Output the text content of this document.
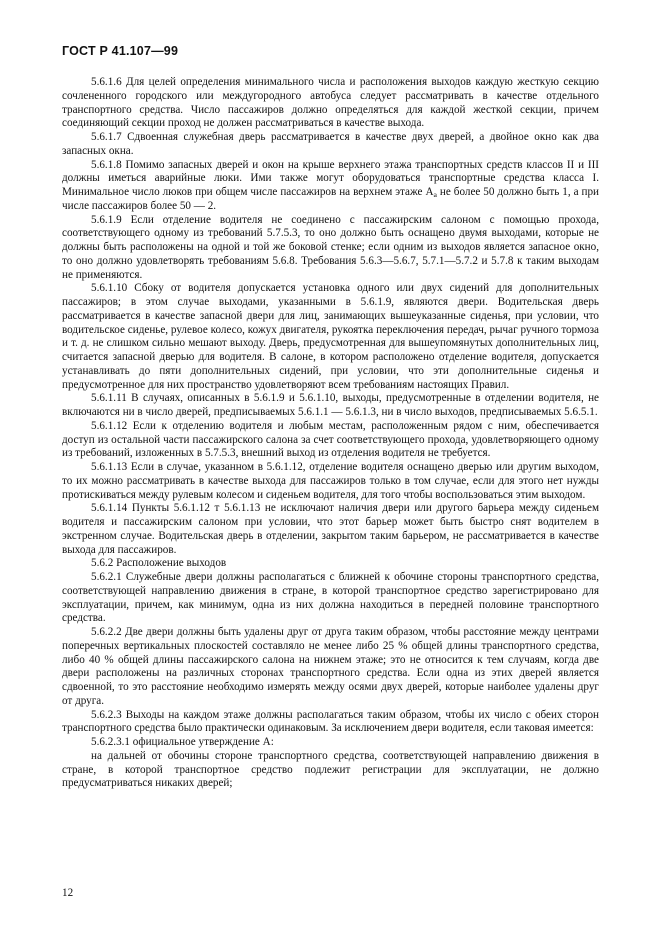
ГОСТ Р 41.107—99

5.6.1.6 Для целей определения минимального числа и расположения выходов каждую жесткую секцию сочлененного городского или междугородного автобуса следует рассматривать в качестве отдельного транспортного средства. Число пассажиров должно определяться для каждой жесткой секции, причем соединяющий секции проход не должен рассматриваться в качестве выхода.

5.6.1.7 Сдвоенная служебная дверь рассматривается в качестве двух дверей, а двойное окно как два запасных окна.

5.6.1.8 Помимо запасных дверей и окон на крыше верхнего этажа транспортных средств классов II и III должны иметься аварийные люки. Ими также могут оборудоваться транспортные средства класса I. Минимальное число люков при общем числе пассажиров на верхнем этаже $A_a$ не более 50 должно быть 1, а при числе пассажиров более 50 — 2.

5.6.1.9 Если отделение водителя не соединено с пассажирским салоном с помощью прохода, соответствующего одному из требований 5.7.5.3, то оно должно быть оснащено двумя выходами, которые не должны быть расположены на одной и той же боковой стенке; если одним из выходов является запасное окно, то оно должно удовлетворять требованиям 5.6.8. Требования 5.6.3—5.6.7, 5.7.1—5.7.2 и 5.7.8 к таким выходам не применяются.

5.6.1.10 Сбоку от водителя допускается установка одного или двух сидений для дополнительных пассажиров; в этом случае выходами, указанными в 5.6.1.9, являются двери. Водительская дверь рассматривается в качестве запасной двери для лиц, занимающих вышеуказанные сиденья, при условии, что водительское сиденье, рулевое колесо, кожух двигателя, рукоятка переключения передач, рычаг ручного тормоза и т. д. не слишком сильно мешают выходу. Дверь, предусмотренная для вышеупомянутых дополнительных лиц, считается запасной дверью для водителя. В салоне, в котором расположено отделение водителя, допускается устанавливать до пяти дополнительных сидений, при условии, что эти дополнительные сиденья и предусмотренное для них пространство удовлетворяют всем требованиям настоящих Правил.

5.6.1.11 В случаях, описанных в 5.6.1.9 и 5.6.1.10, выходы, предусмотренные в отделении водителя, не включаются ни в число дверей, предписываемых 5.6.1.1 — 5.6.1.3, ни в число выходов, предписываемых 5.6.5.1.

5.6.1.12 Если к отделению водителя и любым местам, расположенным рядом с ним, обеспечивается доступ из остальной части пассажирского салона за счет соответствующего прохода, удовлетворяющего одному из требований, изложенных в 5.7.5.3, внешний выход из отделения водителя не требуется.

5.6.1.13 Если в случае, указанном в 5.6.1.12, отделение водителя оснащено дверью или другим выходом, то их можно рассматривать в качестве выхода для пассажиров только в том случае, если для этого нет нужды протискиваться между рулевым колесом и сиденьем водителя, для того чтобы воспользоваться этим выходом.

5.6.1.14 Пункты 5.6.1.12 т 5.6.1.13 не исключают наличия двери или другого барьера между сиденьем водителя и пассажирским салоном при условии, что этот барьер может быть быстро снят водителем в экстренном случае. Водительская дверь в отделении, закрытом таким барьером, не рассматривается в качестве выхода для пассажиров.

5.6.2 Расположение выходов

5.6.2.1 Служебные двери должны располагаться с ближней к обочине стороны транспортного средства, соответствующей направлению движения в стране, в которой транспортное средство зарегистрировано для эксплуатации, причем, как минимум, одна из них должна находиться в передней половине транспортного средства.

5.6.2.2 Две двери должны быть удалены друг от друга таким образом, чтобы расстояние между центрами поперечных вертикальных плоскостей составляло не менее либо 25 % общей длины транспортного средства, либо 40 % общей длины пассажирского салона на нижнем этаже; это не относится к тем случаям, когда две двери расположены на различных сторонах транспортного средства. Если одна из этих дверей является сдвоенной, то это расстояние необходимо измерять между осями двух дверей, которые наиболее удалены друг от друга.

5.6.2.3 Выходы на каждом этаже должны располагаться таким образом, чтобы их число с обеих сторон транспортного средства было практически одинаковым. За исключением двери водителя, если таковая имеется:

5.6.2.3.1 официальное утверждение А:

на дальней от обочины стороне транспортного средства, соответствующей направлению движения в стране, в которой транспортное средство подлежит регистрации для эксплуатации, не должно предусматриваться никаких дверей;

12
